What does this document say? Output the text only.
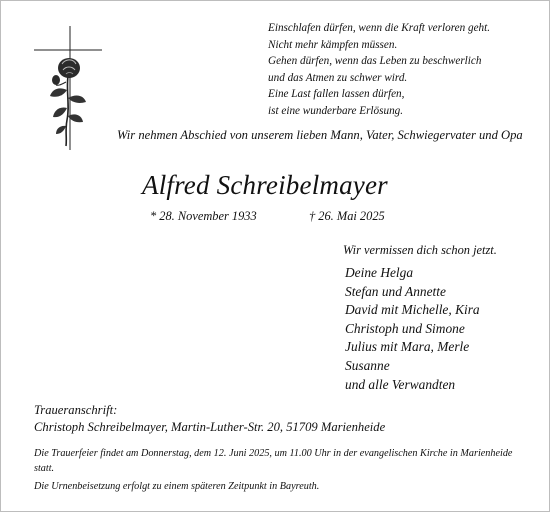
Einschlafen dürfen, wenn die Kraft verloren geht.
Nicht mehr kämpfen müssen.
Gehen dürfen, wenn das Leben zu beschwerlich
und das Atmen zu schwer wird.
Eine Last fallen lassen dürfen,
ist eine wunderbare Erlösung.
Wir nehmen Abschied von unserem lieben Mann, Vater, Schwiegervater und Opa
Alfred Schreibelmayer
* 28. November 1933	† 26. Mai 2025
Wir vermissen dich schon jetzt.
Deine Helga
Stefan und Annette
David mit Michelle, Kira
Christoph und Simone
Julius mit Mara, Merle
Susanne
und alle Verwandten
Traueranschrift:
Christoph Schreibelmayer, Martin-Luther-Str. 20, 51709 Marienheide
Die Trauerfeier findet am Donnerstag, dem 12. Juni 2025, um 11.00 Uhr in der evangelischen Kirche in Marienheide statt.
Die Urnenbeisetzung erfolgt zu einem späteren Zeitpunkt in Bayreuth.
